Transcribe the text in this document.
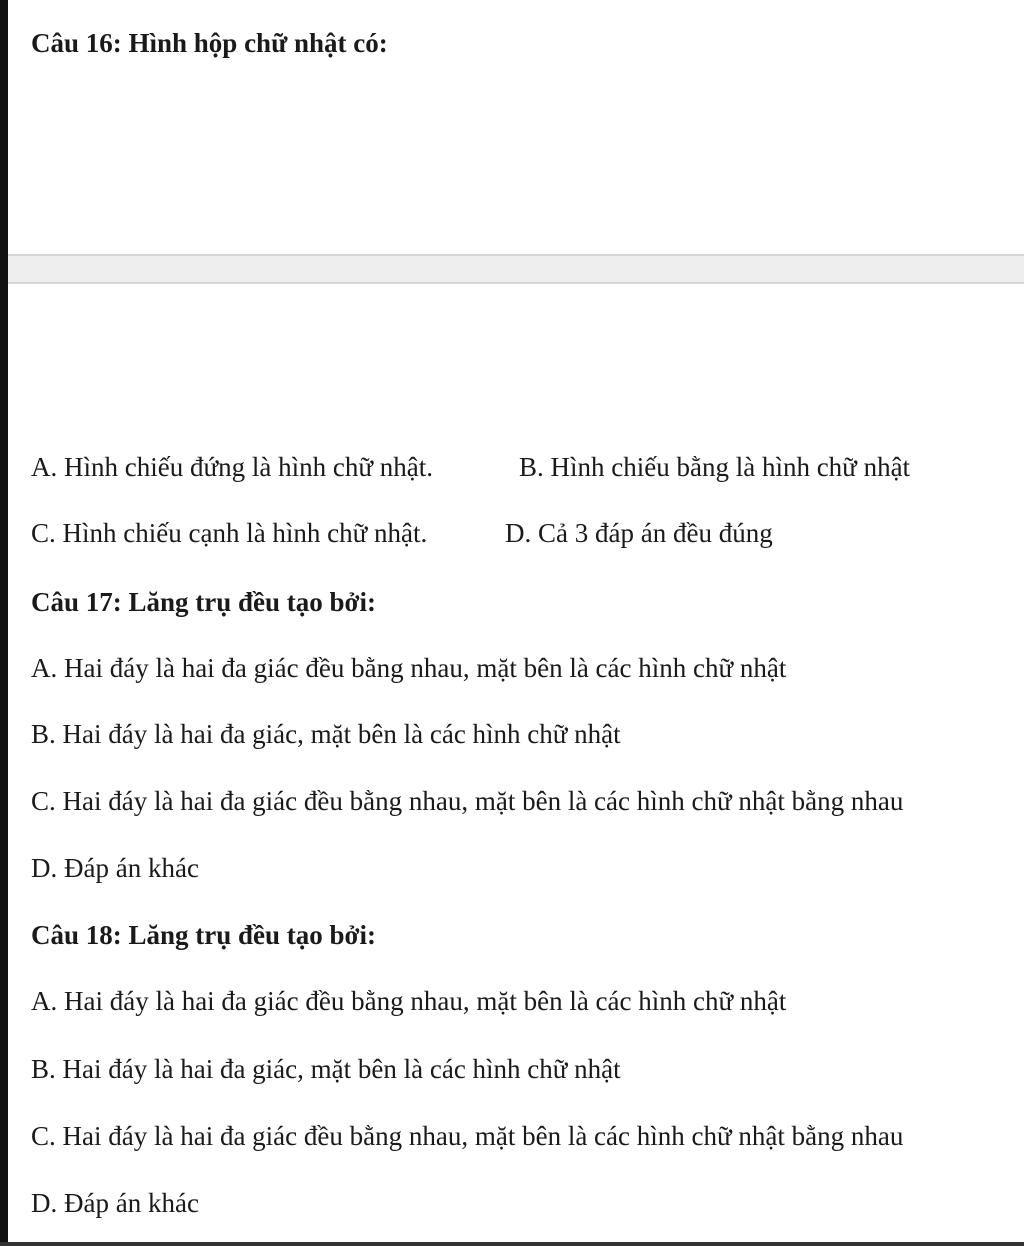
Câu 16: Hình hộp chữ nhật có:
A. Hình chiếu đứng là hình chữ nhật.	B. Hình chiếu bằng là hình chữ nhật
C. Hình chiếu cạnh là hình chữ nhật.	D. Cả 3 đáp án đều đúng
Câu 17: Lăng trụ đều tạo bởi:
A. Hai đáy là hai đa giác đều bằng nhau, mặt bên là các hình chữ nhật
B. Hai đáy là hai đa giác, mặt bên là các hình chữ nhật
C. Hai đáy là hai đa giác đều bằng nhau, mặt bên là các hình chữ nhật bằng nhau
D. Đáp án khác
Câu 18: Lăng trụ đều tạo bởi:
A. Hai đáy là hai đa giác đều bằng nhau, mặt bên là các hình chữ nhật
B. Hai đáy là hai đa giác, mặt bên là các hình chữ nhật
C. Hai đáy là hai đa giác đều bằng nhau, mặt bên là các hình chữ nhật bằng nhau
D. Đáp án khác
